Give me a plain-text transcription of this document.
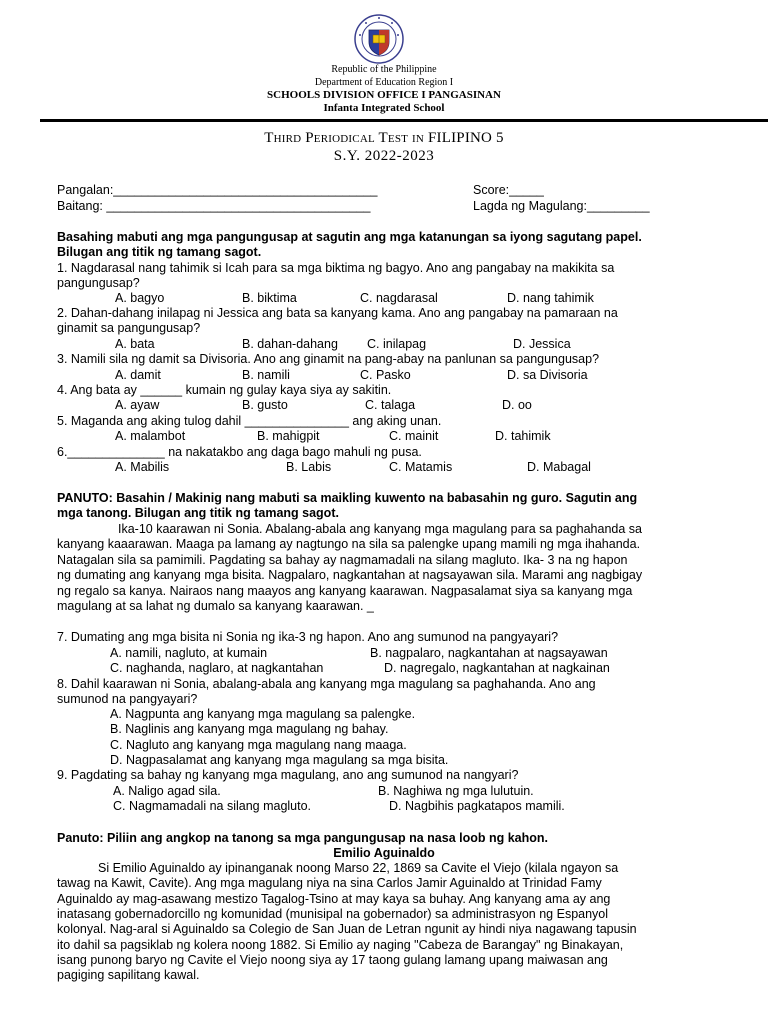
Republic of the Philippine
Department of Education Region I
SCHOOLS DIVISION OFFICE I PANGASINAN
Infanta Integrated School
Third Periodical Test in FILIPINO 5
S.Y. 2022-2023
Pangalan:______________________________________	Score:_____
Baitang: ______________________________________	Lagda ng Magulang:_________
Basahing mabuti ang mga pangungusap at sagutin ang mga katanungan sa iyong sagutang papel.
Bilugan ang titik ng tamang sagot.
1. Nagdarasal nang tahimik si Icah para sa mga biktima ng bagyo. Ano ang pangabay na makikita sa
pangungusap?
A. bagyo	B. biktima	C. nagdarasal	D. nang tahimik
2. Dahan-dahang inilapag ni Jessica ang bata sa kanyang kama. Ano ang pangabay na pamaraan na
ginamit sa pangungusap?
A. bata	B. dahan-dahang C. inilapag	D. Jessica
3. Namili sila ng damit sa Divisoria. Ano ang ginamit na pang-abay na panlunan sa pangungusap?
A. damit	B. namili	C. Pasko	D. sa Divisoria
4. Ang bata ay ______ kumain ng gulay kaya siya ay sakitin.
A. ayaw	B. gusto	C. talaga	D. oo
5. Maganda ang aking tulog dahil _______________ ang aking unan.
A. malambot	B. mahigpit	C. mainit	D. tahimik
6.______________ na nakatakbo ang daga bago mahuli ng pusa.
A. Mabilis	B. Labis	C. Matamis	D. Mabagal
PANUTO: Basahin / Makinig nang mabuti sa maikling kuwento na babasahin ng guro. Sagutin ang
mga tanong. Bilugan ang titik ng tamang sagot.
Ika-10 kaarawan ni Sonia. Abalang-abala ang kanyang mga magulang para sa paghahanda sa
kanyang kaaarawan. Maaga pa lamang ay nagtungo na sila sa palengke upang mamili ng mga ihahanda.
Natagalan sila sa pamimili. Pagdating sa bahay ay nagmamadali na silang magluto. Ika- 3 na ng hapon
ng dumating ang kanyang mga bisita. Nagpalaro, nagkantahan at nagsayawan sila. Marami ang nagbigay
ng regalo sa kanya. Nairaos nang maayos ang kanyang kaarawan. Nagpasalamat siya sa kanyang mga
magulang at sa lahat ng dumalo sa kanyang kaarawan. _
7. Dumating ang mga bisita ni Sonia ng ika-3 ng hapon. Ano ang sumunod na pangyayari?
A. namili, nagluto, at kumain	B. nagpalaro, nagkantahan at nagsayawan
C. naghanda, naglaro, at nagkantahan	D. nagregalo, nagkantahan at nagkainan
8. Dahil kaarawan ni Sonia, abalang-abala ang kanyang mga magulang sa paghahanda. Ano ang
sumunod na pangyayari?
A. Nagpunta ang kanyang mga magulang sa palengke.
B. Naglinis ang kanyang mga magulang ng bahay.
C. Nagluto ang kanyang mga magulang nang maaga.
D. Nagpasalamat ang kanyang mga magulang sa mga bisita.
9. Pagdating sa bahay ng kanyang mga magulang, ano ang sumunod na nangyari?
A. Naligo agad sila.	B. Naghiwa ng mga lulutuin.
C. Nagmamadali na silang magluto.	D. Nagbihis pagkatapos mamili.
Panuto: Piliin ang angkop na tanong sa mga pangungusap na nasa loob ng kahon.
Emilio Aguinaldo
Si Emilio Aguinaldo ay ipinanganak noong Marso 22, 1869 sa Cavite el Viejo (kilala ngayon sa
tawag na Kawit, Cavite). Ang mga magulang niya na sina Carlos Jamir Aguinaldo at Trinidad Famy
Aguinaldo ay mag-asawang mestizo Tagalog-Tsino at may kaya sa buhay. Ang kanyang ama ay ang
inatasang gobernadorcillo ng komunidad (munisipal na gobernador) sa administrasyon ng Espanyol
kolonyal. Nag-aral si Aguinaldo sa Colegio de San Juan de Letran ngunit ay hindi niya nagawang tapusin
ito dahil sa pagsiklab ng kolera noong 1882. Si Emilio ay naging "Cabeza de Barangay" ng Binakayan,
isang punong baryo ng Cavite el Viejo noong siya ay 17 taong gulang lamang upang maiwasan ang
pagiging sapilitang kawal.
